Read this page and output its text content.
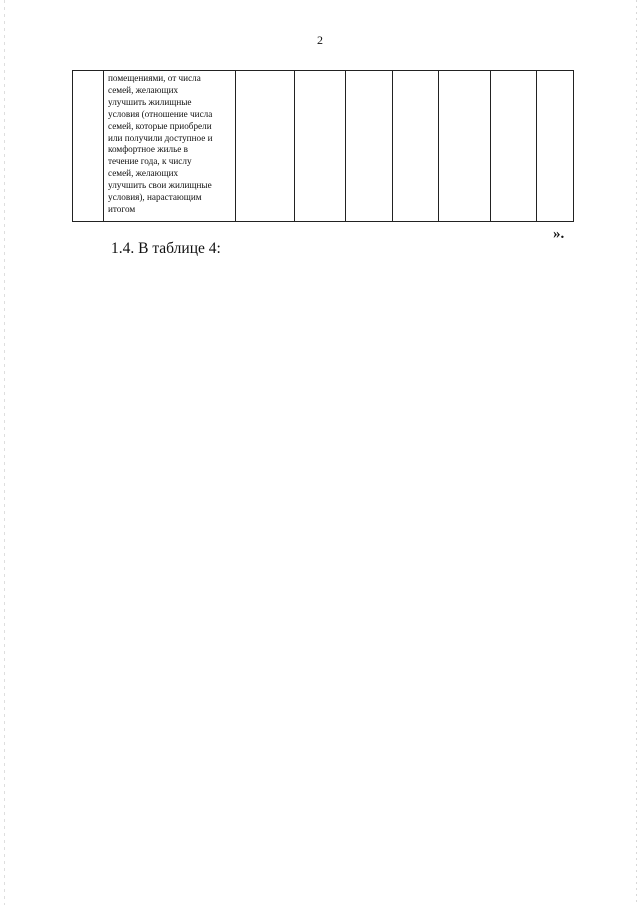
2
помещениями, от числа
семей, желающих
улучшить жилищные
условия (отношение числа
семей, которые приобрели
или получили доступное и
комфортное жилье в
течение года, к числу
семей, желающих
улучшить свои жилищные
условия), нарастающим
итогом
».
1.4. В таблице 4:
